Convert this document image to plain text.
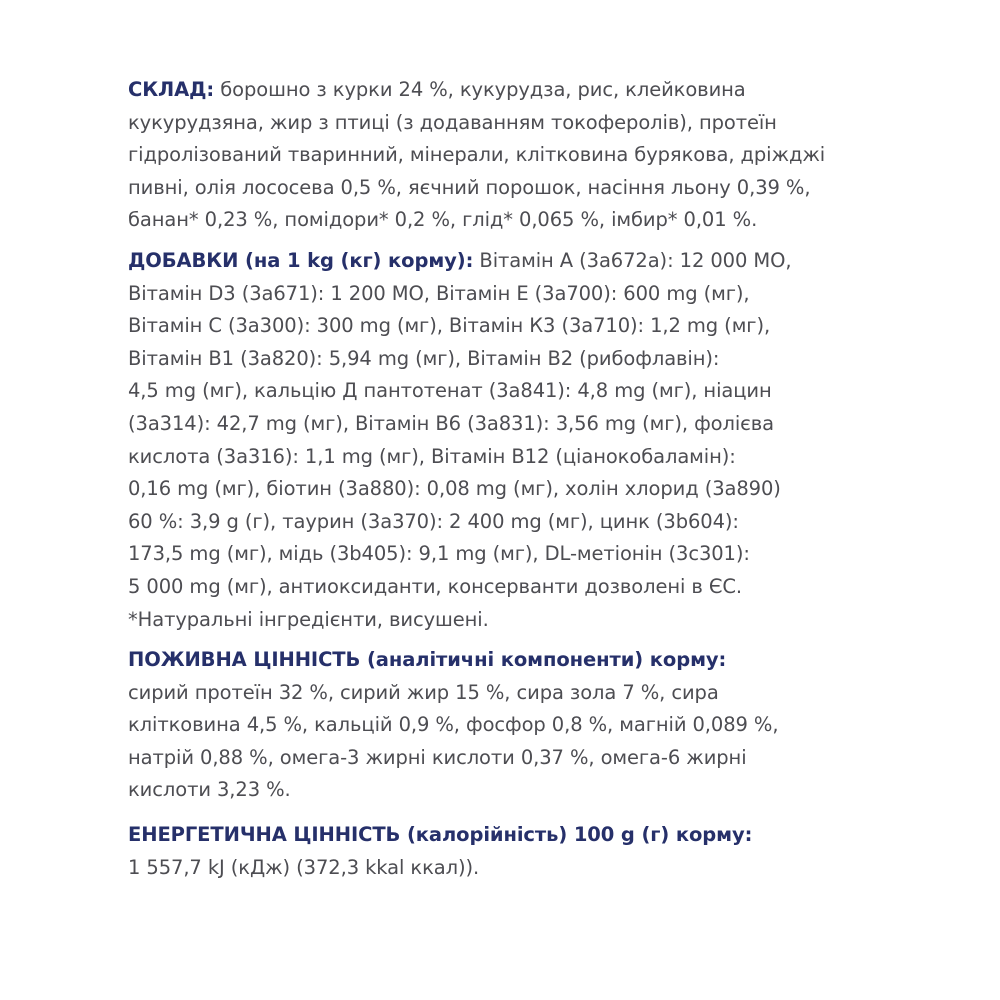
СКЛАД: борошно з курки 24 %, кукурудза, рис, клейковина
кукурудзяна, жир з птиці (з додаванням токоферолів), протеїн
гідролізований тваринний, мінерали, клітковина бурякова, дріжджі
пивні, олія лососева 0,5 %, яєчний порошок, насіння льону 0,39 %,
банан* 0,23 %, помідори* 0,2 %, глід* 0,065 %, імбир* 0,01 %.
ДОБАВКИ (на 1 kg (кг) корму): Вітамін А (3а672а): 12 000 МО,
Вітамін D3 (3а671): 1 200 МО, Вітамін Е (3а700): 600 mg (мг),
Вітамін С (3а300): 300 mg (мг), Вітамін К3 (3а710): 1,2 mg (мг),
Вітамін В1 (3а820): 5,94 mg (мг), Вітамін В2 (рибофлавін):
4,5 mg (мг), кальцію Д пантотенат (3а841): 4,8 mg (мг), ніацин
(3а314): 42,7 mg (мг), Вітамін В6 (3а831): 3,56 mg (мг), фолієва
кислота (3а316): 1,1 mg (мг), Вітамін В12 (ціанокобаламін):
0,16 mg (мг), біотин (3а880): 0,08 mg (мг), холін хлорид (3а890)
60 %: 3,9 g (г), таурин (3а370): 2 400 mg (мг), цинк (3b604):
173,5 mg (мг), мідь (3b405): 9,1 mg (мг), DL-метіонін (3c301):
5 000 mg (мг), антиоксиданти, консерванти дозволені в ЄС.
*Натуральні інгредієнти, висушені.
ПОЖИВНА ЦІННІСТЬ (аналітичні компоненти) корму:
сирий протеїн 32 %, сирий жир 15 %, сира зола 7 %, сира
клітковина 4,5 %, кальцій 0,9 %, фосфор 0,8 %, магній 0,089 %,
натрій 0,88 %, омега-3 жирні кислоти 0,37 %, омега-6 жирні
кислоти 3,23 %.
ЕНЕРГЕТИЧНА ЦІННІСТЬ (калорійність) 100 g (г) корму:
1 557,7 kJ (кДж) (372,3 kkal ккал)).
